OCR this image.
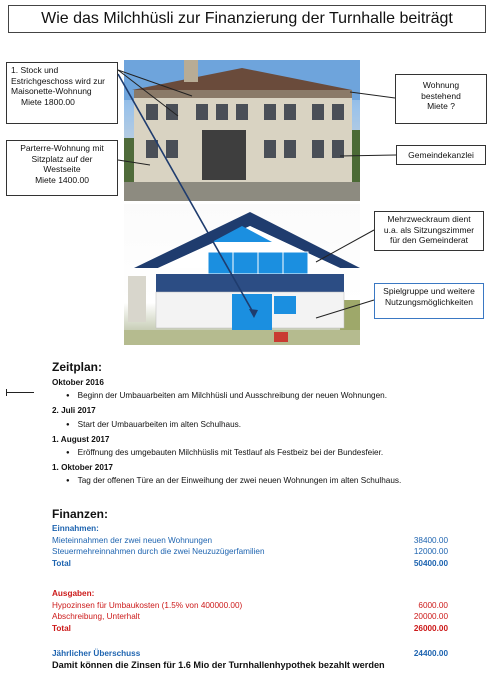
Wie das Milchhüsli zur Finanzierung der Turnhalle beiträgt
1. Stock und
Estrichgeschoss wird zur
Maisonette-Wohnung
Miete 1800.00
Parterre-Wohnung mit
Sitzplatz auf der
Westseite
Miete 1400.00
Wohnung
bestehend
Miete ?
Gemeindekanzlei
Mehrzweckraum dient
u.a. als Sitzungszimmer
für den Gemeinderat
Spielgruppe und weitere
Nutzungsmöglichkeiten
Zeitplan:
Oktober 2016
● Beginn der Umbauarbeiten am Milchhüsli und Ausschreibung der neuen Wohnungen.
2. Juli 2017
● Start der Umbauarbeiten im alten Schulhaus.
1. August 2017
● Eröffnung des umgebauten Milchhüslis mit Testlauf als Festbeiz bei der Bundesfeier.
1. Oktober 2017
● Tag der offenen Türe an der Einweihung der zwei neuen Wohnungen im alten Schulhaus.
Finanzen:
Einnahmen:
Mieteinnahmen der zwei neuen Wohnungen	38400.00
Steuermehreinnahmen durch die zwei Neuzuzügerfamilien	12000.00
Total	50400.00
Ausgaben:
Hypozinsen für Umbaukosten (1.5% von 400000.00)	6000.00
Abschreibung, Unterhalt	20000.00
Total	26000.00
Jährlicher Überschuss	24400.00
Damit können die Zinsen für 1.6 Mio der Turnhallenhypothek bezahlt werden
